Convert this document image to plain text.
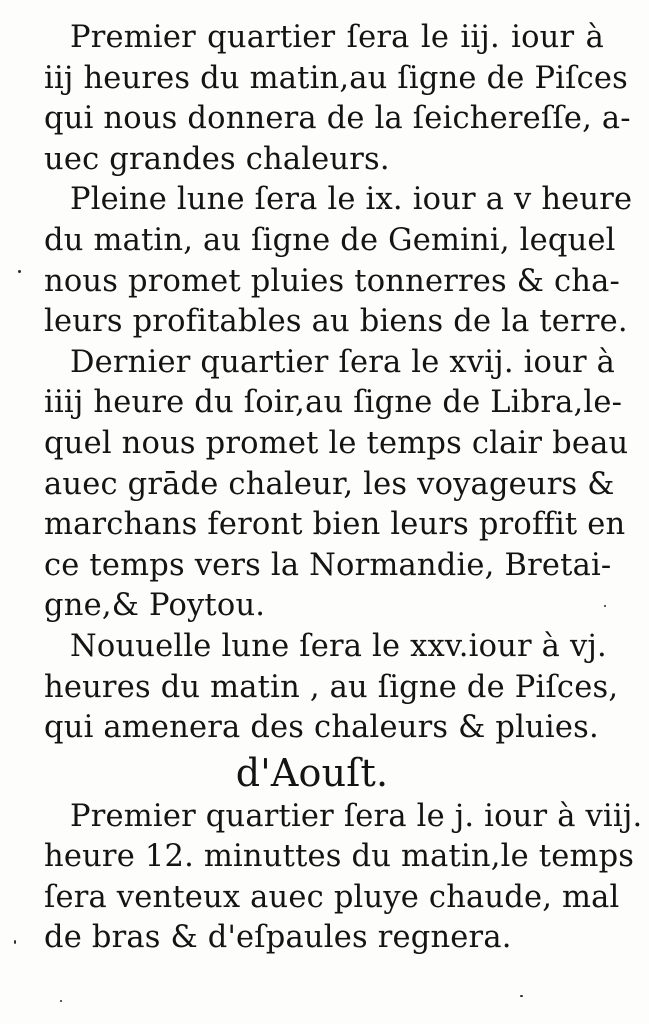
Premier quartier ſera le iij. iour à
iij heures du matin,au ſigne de Piſces
qui nous donnera de la ſeichereſſe, a-
uec grandes chaleurs.
Pleine lune ſera le ix. iour a v heure
du matin, au ſigne de Gemini, lequel
nous promet pluies tonnerres & cha-
leurs profitables au biens de la terre.
Dernier quartier ſera le xvij. iour à
iiij heure du ſoir,au ſigne de Libra,le-
quel nous promet le temps clair beau
auec grāde chaleur, les voyageurs &
marchans feront bien leurs proffit en
ce temps vers la Normandie, Bretai-
gne,& Poytou.
Nouuelle lune ſera le xxv.iour à vj.
heures du matin , au ſigne de Piſces,
qui amenera des chaleurs & pluies.
d'Aouſt.
Premier quartier ſera le j. iour à viij.
heure 12. minuttes du matin,le temps
ſera venteux auec pluye chaude, mal
de bras & d'eſpaules regnera.
